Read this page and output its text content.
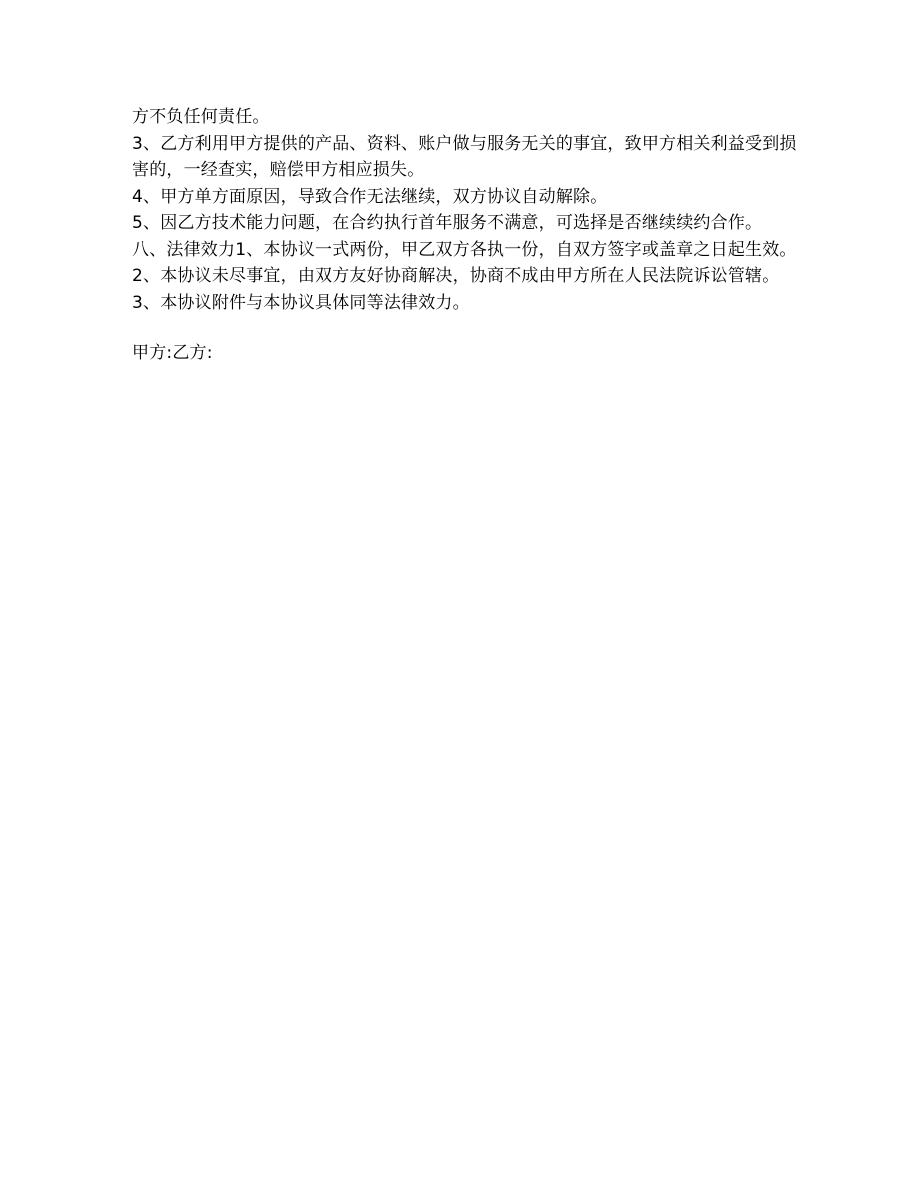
方不负任何责任。

3、乙方利用甲方提供的产品、资料、账户做与服务无关的事宜，致甲方相关利益受到损害的，一经查实，赔偿甲方相应损失。

4、甲方单方面原因，导致合作无法继续，双方协议自动解除。

5、因乙方技术能力问题，在合约执行首年服务不满意，可选择是否继续续约合作。

八、法律效力1、本协议一式两份，甲乙双方各执一份，自双方签字或盖章之日起生效。

2、本协议未尽事宜，由双方友好协商解决，协商不成由甲方所在人民法院诉讼管辖。

3、本协议附件与本协议具体同等法律效力。

甲方:乙方:
